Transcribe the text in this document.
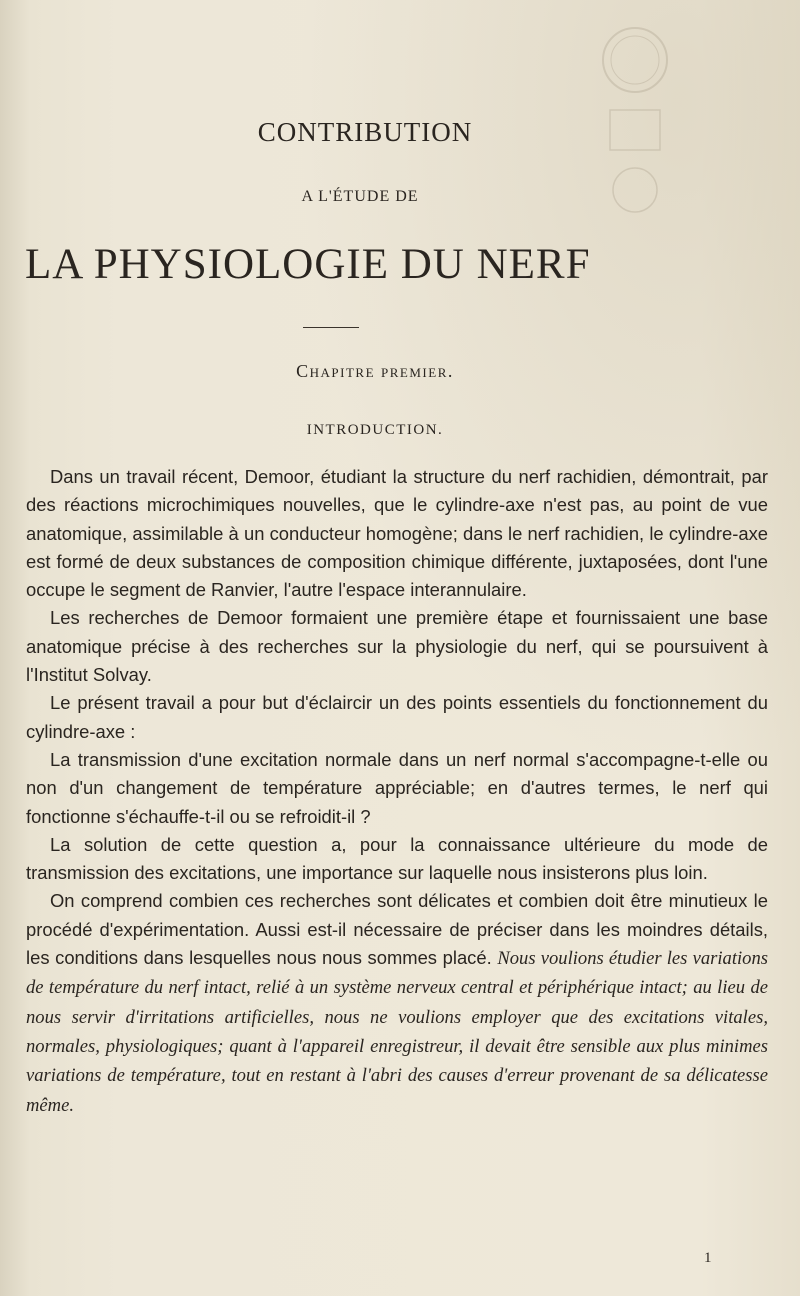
CONTRIBUTION
A L'ÉTUDE DE
LA PHYSIOLOGIE DU NERF
Chapitre premier.
INTRODUCTION.

Dans un travail récent, Demoor, étudiant la structure du nerf rachidien, démontrait, par des réactions microchimiques nouvelles, que le cylindre-axe n'est pas, au point de vue anatomique, assimilable à un conducteur homogène; dans le nerf rachidien, le cylindre-axe est formé de deux substances de composition chimique différente, juxtaposées, dont l'une occupe le segment de Ranvier, l'autre l'espace interannulaire.

Les recherches de Demoor formaient une première étape et fournissaient une base anatomique précise à des recherches sur la physiologie du nerf, qui se poursuivent à l'Institut Solvay.

Le présent travail a pour but d'éclaircir un des points essentiels du fonctionnement du cylindre-axe :

La transmission d'une excitation normale dans un nerf normal s'accompagne-t-elle ou non d'un changement de température appréciable; en d'autres termes, le nerf qui fonctionne s'échauffe-t-il ou se refroidit-il ?

La solution de cette question a, pour la connaissance ultérieure du mode de transmission des excitations, une importance sur laquelle nous insisterons plus loin.

On comprend combien ces recherches sont délicates et combien doit être minutieux le procédé d'expérimentation. Aussi est-il nécessaire de préciser dans les moindres détails, les conditions dans lesquelles nous nous sommes placé. Nous voulions étudier les variations de température du nerf intact, relié à un système nerveux central et périphérique intact; au lieu de nous servir d'irritations artificielles, nous ne voulions employer que des excitations vitales, normales, physiologiques; quant à l'appareil enregistreur, il devait être sensible aux plus minimes variations de température, tout en restant à l'abri des causes d'erreur provenant de sa délicatesse même.

1
